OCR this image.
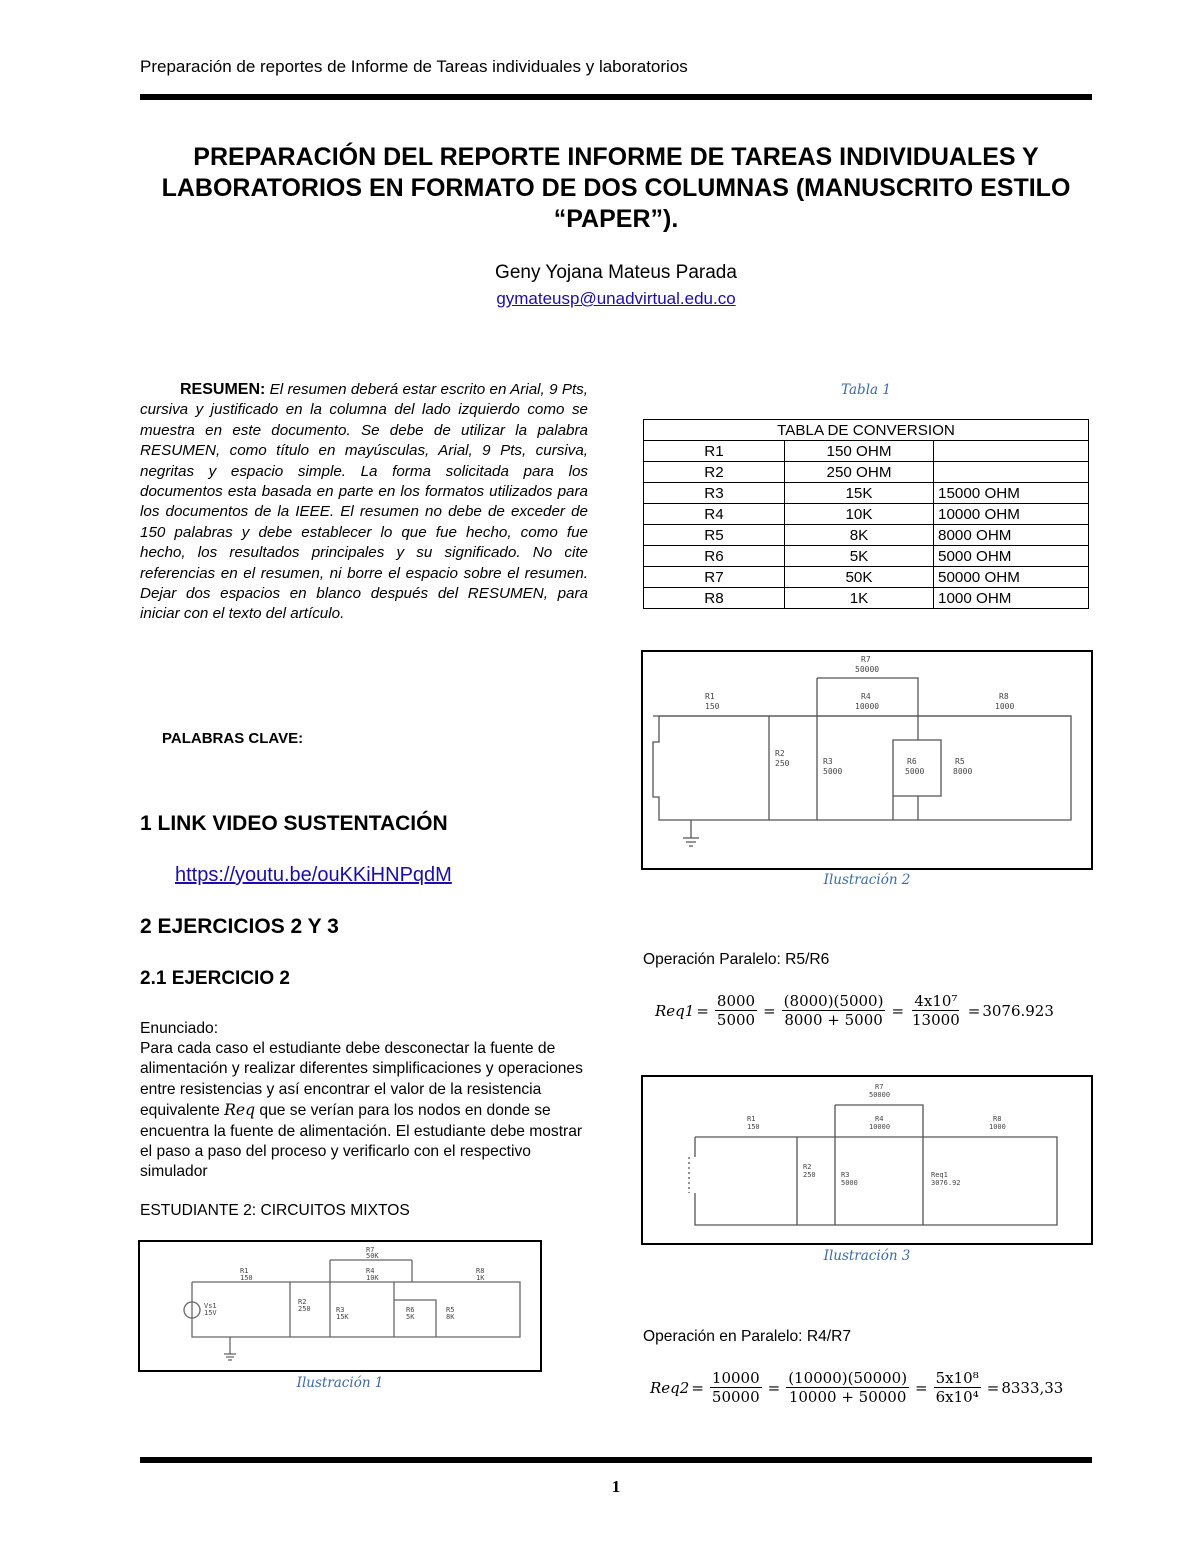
Preparación de reportes de Informe de Tareas individuales y laboratorios
PREPARACIÓN DEL REPORTE INFORME DE TAREAS INDIVIDUALES Y LABORATORIOS EN FORMATO DE DOS COLUMNAS (MANUSCRITO ESTILO “PAPER”).
Geny Yojana Mateus Parada
gymateusp@unadvirtual.edu.co
RESUMEN: El resumen deberá estar escrito en Arial, 9 Pts, cursiva y justificado en la columna del lado izquierdo como se muestra en este documento. Se debe de utilizar la palabra RESUMEN, como título en mayúsculas, Arial, 9 Pts, cursiva, negritas y espacio simple. La forma solicitada para los documentos esta basada en parte en los formatos utilizados para los documentos de la IEEE. El resumen no debe de exceder de 150 palabras y debe establecer lo que fue hecho, como fue hecho, los resultados principales y su significado. No cite referencias en el resumen, ni borre el espacio sobre el resumen. Dejar dos espacios en blanco después del RESUMEN, para iniciar con el texto del artículo.
PALABRAS CLAVE:
1 LINK VIDEO SUSTENTACIÓN
https://youtu.be/ouKKiHNPqdM
2 EJERCICIOS 2 Y 3
2.1 EJERCICIO 2
Enunciado:
Para cada caso el estudiante debe desconectar la fuente de alimentación y realizar diferentes simplificaciones y operaciones entre resistencias y así encontrar el valor de la resistencia equivalente Req que se verían para los nodos en donde se encuentra la fuente de alimentación. El estudiante debe mostrar el paso a paso del proceso y verificarlo con el respectivo simulador
ESTUDIANTE 2: CIRCUITOS MIXTOS
R1
150
R2
250	R3
15K
R4
10K
R5
8K
R6
5K
R7
50K
R8
1K
Vs1
15V
Ilustración 1
Tabla 1
TABLA DE CONVERSION		
R1	150 OHM	
R2	250 OHM	
R3	15K	15000 OHM
R4	10K	10000 OHM
R5	8K	8000 OHM
R6	5K	5000 OHM
R7	50K	50000 OHM
R8	1K	1000 OHM
R1
150
R2
250	R3
5000
R4
10000
R5
8000
R6
5000
R7
50000
R8
1000
Ilustración 2
Operación Paralelo: R5/R6
$Req1 = \frac{8000}{5000} = \frac{(8000)(5000)}{8000 + 5000} = \frac{\text{4x10⁷}}{13000} = 3076.923$
R1
150
R2
250	R3
5000
R4
10000
R7
50000
R8
1000
Req1
3076.92
Ilustración 3
Operación en Paralelo: R4/R7
$Req2 = \frac{10000}{50000} = \frac{(10000)(50000)}{10000 + 50000} = \frac{\text{5x10⁸}}{\text{6x10⁴}} = 8333,33$
1
